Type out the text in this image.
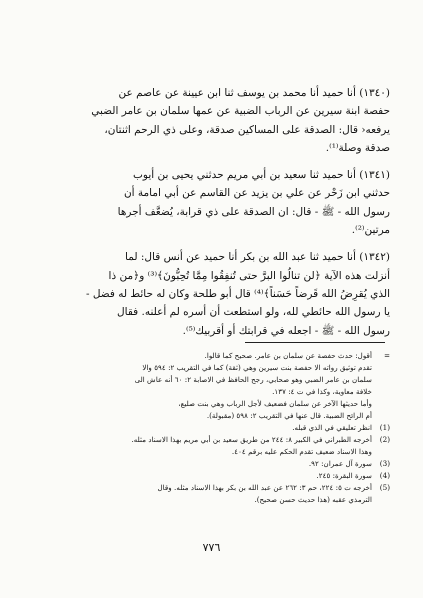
(١٣٤٠) أنا حميد أنا محمد بن يوسف ثنا ابن عيينة عن عاصم عن
حفصة ابنة سيرين عن الرباب الضبية عن عمها سلمان بن عامر الضبي
يرفعه‹ قال: الصدقة على المساكين صدقة، وعلى ذي الرحم اثنتان،
صدقة وصلة⁽¹⁾.

(١٣٤١) أنا حميد ثنا سعيد بن أبي مريم حدثني يحيى بن أيوب
حدثني ابن زَحْر عن علي بن يزيد عن القاسم عن أبي امامة أن
رسول الله - ﷺ - قال: ان الصدقة على ذي قرابة، يُضعَّف أجرها
مرتين⁽²⁾.

(١٣٤٢) أنا حميد ثنا عبد الله بن بكر أنا حميد عن أنس قال: لما
أنزلت هذه الآية ﴿لن تنالُوا البرَّ حتى تُنفِقُوا مِمَّا تُحِبُّونَ﴾⁽³⁾ و﴿من ذا
الذي يُقرِضُ الله قَرضاً حَسَناً﴾⁽⁴⁾ قال أبو طلحة وكان له حائط له فضل -
يا رسول الله حائطي لله، ولو استطعت أن أسره لم أعلنه. فقال
رسول الله - ﷺ - اجعله في قرابتك أو أقربيك⁽⁵⁾.

=
أقول: حدث حفصة عن سلمان بن عامر. صحيح كما قالوا.
تقدم توثيق رواته الا حفصة بنت سيرين وهي (ثقة) كما في التقريب ٢: ٥٩٤ والا
سلمان بن عامر الضبي وهو صحابي، رجح الحافظ في الاصابة ٢: ٦٠ أنه عاش الى
خلافة معاوية، وكذا في ت ٤: ١٣٧.
وأما حديثها الآخر عن سلمان فضعيف لأجل الرباب وهي بنت صليع،
أم الرائح الضبية. قال عنها في التقريب ٢: ٥٩٨ (مقبولة).
(1)
انظر تعليقي في الذي قبله.
(2)
أخرجه الطبراني في الكبير ٨: ٢٤٤ من طريق سعيد بن أبي مريم بهذا الاسناد مثله.
وهذا الاسناد ضعيف تقدم الحكم عليه برقم ٤٠٤.
(3)
سورة آل عمران: ٩٢.
(4)
سورة البقرة: ٢٤٥.
(5)
أخرجه ت ٥: ٢٢٤، حم ٣: ٢٦٢ عن عبد الله بن بكر بهذا الاسناد مثله. وقال
الترمذي عقبه (هذا حديث حسن صحيح).
٧٧٦
